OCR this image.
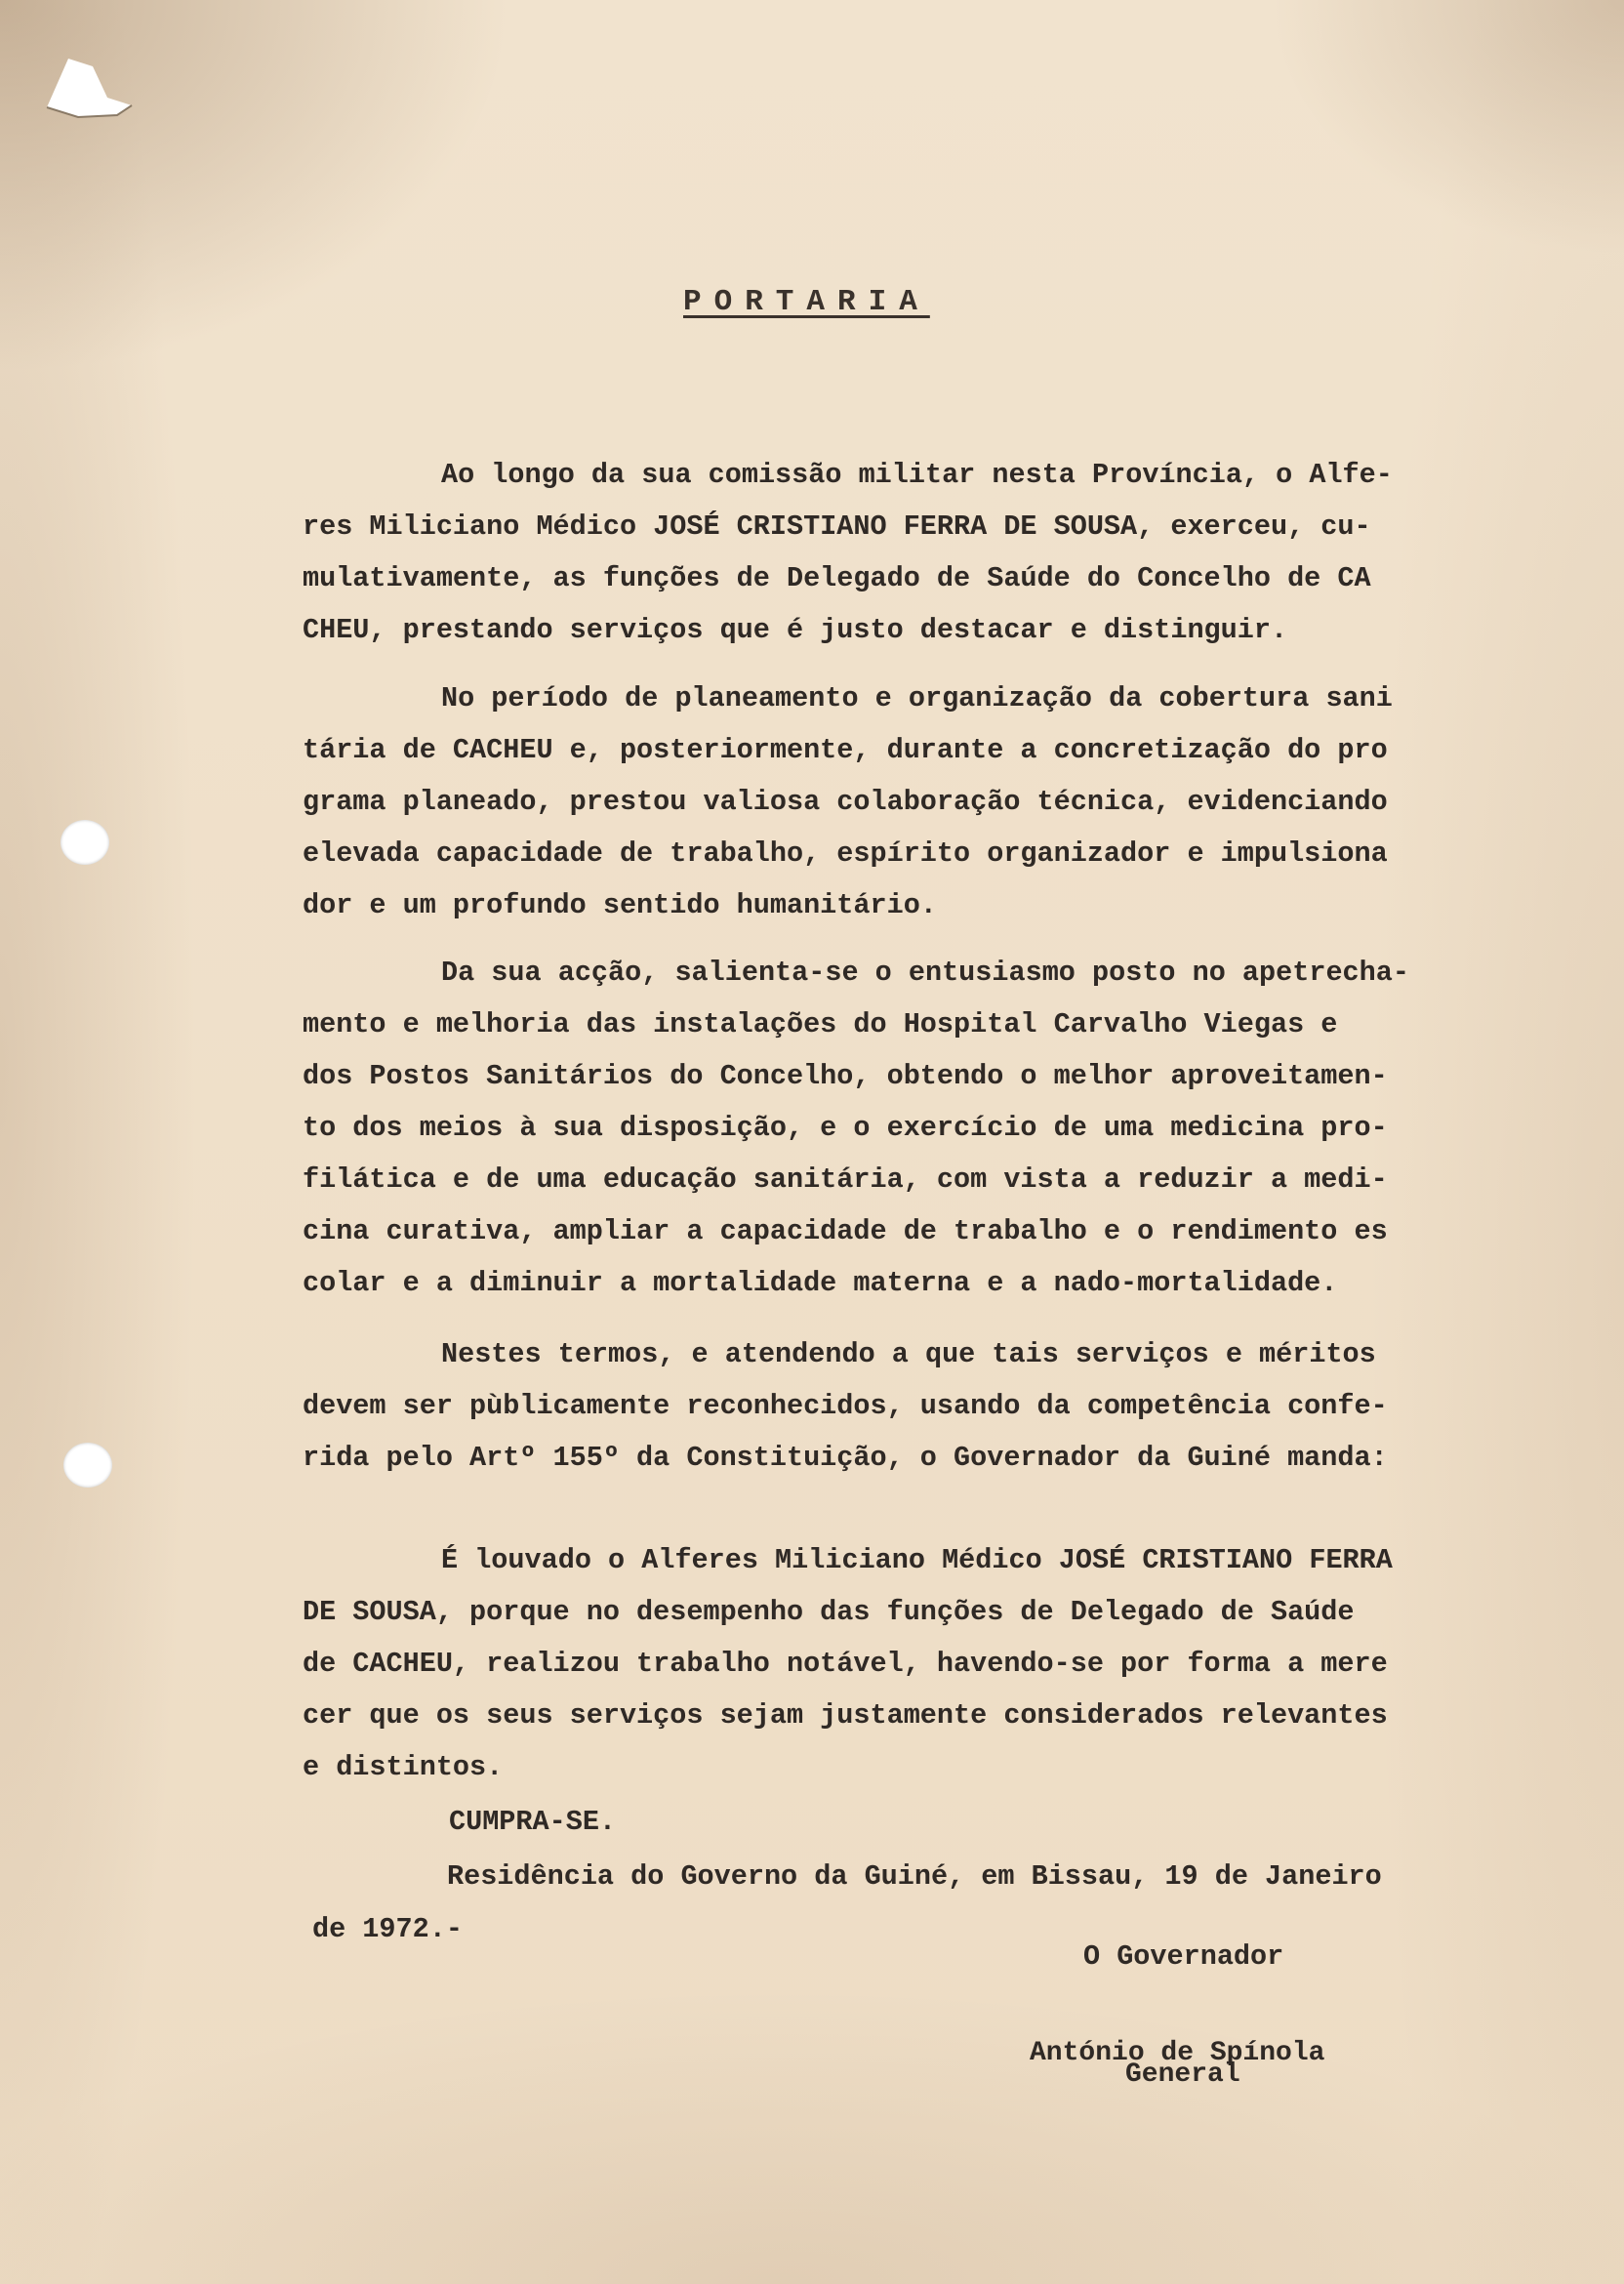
PORTARIA
Ao longo da sua comissão militar nesta Província, o Alfe-
res Miliciano Médico JOSÉ CRISTIANO FERRA DE SOUSA, exerceu, cu-
mulativamente, as funções de Delegado de Saúde do Concelho de CA
CHEU, prestando serviços que é justo destacar e distinguir.
No período de planeamento e organização da cobertura sani
tária de CACHEU e, posteriormente, durante a concretização do pro
grama planeado, prestou valiosa colaboração técnica, evidenciando
elevada capacidade de trabalho, espírito organizador e impulsiona
dor e um profundo sentido humanitário.
Da sua acção, salienta-se o entusiasmo posto no apetrecha-
mento e melhoria das instalações do Hospital Carvalho Viegas e
dos Postos Sanitários do Concelho, obtendo o melhor aproveitamen-
to dos meios à sua disposição, e o exercício de uma medicina pro-
filática e de uma educação sanitária, com vista a reduzir a medi-
cina curativa, ampliar a capacidade de trabalho e o rendimento es
colar e a diminuir a mortalidade materna e a nado-mortalidade.
Nestes termos, e atendendo a que tais serviços e méritos
devem ser pùblicamente reconhecidos, usando da competência confe-
rida pelo Artº 155º da Constituição, o Governador da Guiné manda:
É louvado o Alferes Miliciano Médico JOSÉ CRISTIANO FERRA
DE SOUSA, porque no desempenho das funções de Delegado de Saúde
de CACHEU, realizou trabalho notável, havendo-se por forma a mere
cer que os seus serviços sejam justamente considerados relevantes
e distintos.
CUMPRA-SE.
Residência do Governo da Guiné, em Bissau, 19 de Janeiro
de 1972.-
O Governador
António de Spínola
General
